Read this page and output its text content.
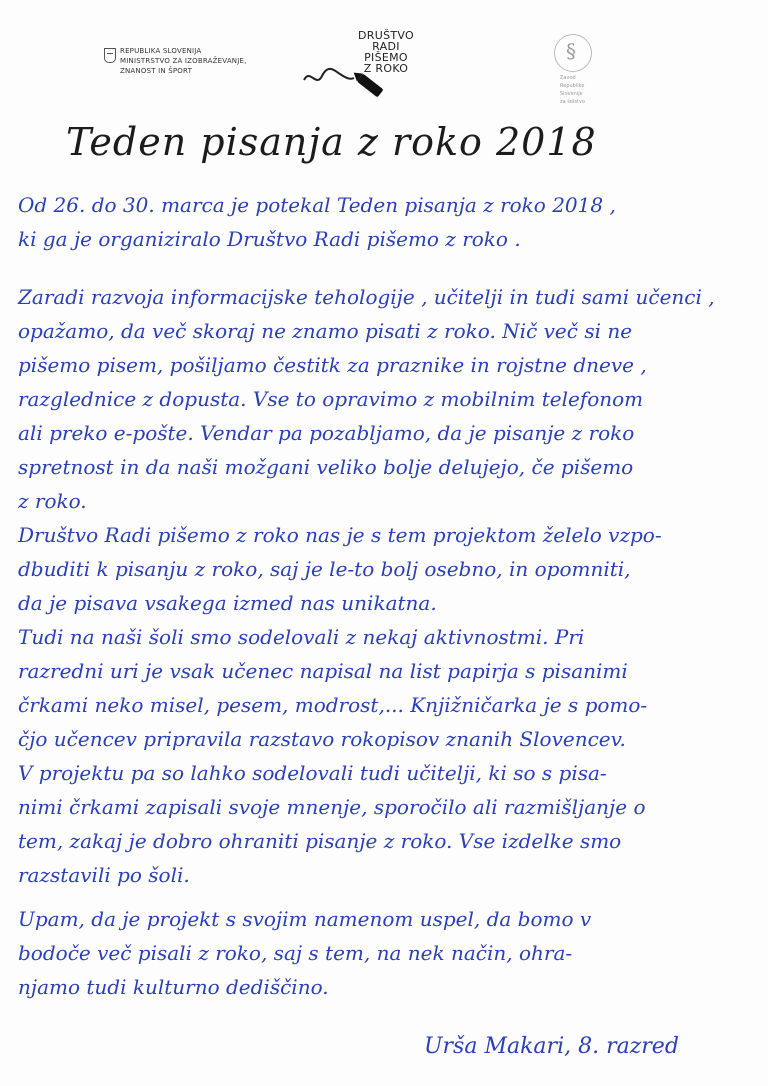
REPUBLIKA SLOVENIJA
MINISTRSTVO ZA IZOBRAŽEVANJE,
ZNANOST IN ŠPORT
DRUŠTVO
RADI
PIŠEMO
Z ROKO
§
Zavod
Republike
Slovenije
za šolstvo
Teden pisanja z roko 2018
Od 26. do 30. marca je potekal Teden pisanja z roko 2018 ,
ki ga je organiziralo Društvo Radi pišemo z roko .
Zaradi razvoja informacijske tehologije , učitelji in tudi sami učenci ,
opažamo, da več skoraj ne znamo pisati z roko. Nič več si ne
pišemo pisem, pošiljamo čestitk za praznike in rojstne dneve ,
razglednice z dopusta. Vse to opravimo z mobilnim telefonom
ali preko e-pošte. Vendar pa pozabljamo, da je pisanje z roko
spretnost in da naši možgani veliko bolje delujejo, če pišemo
z roko.
Društvo Radi pišemo z roko nas je s tem projektom želelo vzpo-
dbuditi k pisanju z roko, saj je le-to bolj osebno, in opomniti,
da je pisava vsakega izmed nas unikatna.
Tudi na naši šoli smo sodelovali z nekaj aktivnostmi. Pri
razredni uri je vsak učenec napisal na list papirja s pisanimi
črkami neko misel, pesem, modrost,... Knjižničarka je s pomo-
čjo učencev pripravila razstavo rokopisov znanih Slovencev.
V projektu pa so lahko sodelovali tudi učitelji, ki so s pisa-
nimi črkami zapisali svoje mnenje, sporočilo ali razmišljanje o
tem, zakaj je dobro ohraniti pisanje z roko. Vse izdelke smo
razstavili po šoli.
Upam, da je projekt s svojim namenom uspel, da bomo v
bodoče več pisali z roko, saj s tem, na nek način, ohra-
njamo tudi kulturno dediščino.
Urša Makari, 8. razred
